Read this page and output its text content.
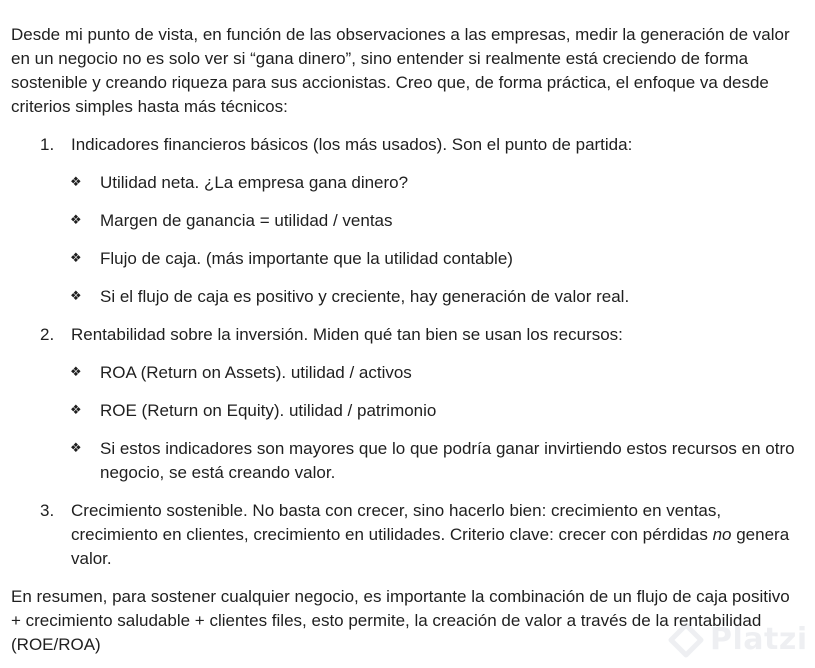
Desde mi punto de vista, en función de las observaciones a las empresas, medir la generación de valor en un negocio no es solo ver si “gana dinero”, sino entender si realmente está creciendo de forma sostenible y creando riqueza para sus accionistas. Creo que, de forma práctica, el enfoque va desde criterios simples hasta más técnicos:

1. Indicadores financieros básicos (los más usados). Son el punto de partida:
❖ Utilidad neta. ¿La empresa gana dinero?
❖ Margen de ganancia = utilidad / ventas
❖ Flujo de caja. (más importante que la utilidad contable)
❖ Si el flujo de caja es positivo y creciente, hay generación de valor real.
2. Rentabilidad sobre la inversión. Miden qué tan bien se usan los recursos:
❖ ROA (Return on Assets). utilidad / activos
❖ ROE (Return on Equity). utilidad / patrimonio
❖ Si estos indicadores son mayores que lo que podría ganar invirtiendo estos recursos en otro negocio, se está creando valor.
3. Crecimiento sostenible. No basta con crecer, sino hacerlo bien: crecimiento en ventas, crecimiento en clientes, crecimiento en utilidades. Criterio clave: crecer con pérdidas no genera valor.

En resumen, para sostener cualquier negocio, es importante la combinación de un flujo de caja positivo + crecimiento saludable + clientes files, esto permite, la creación de valor a través de la rentabilidad (ROE/ROA)	Platzi
